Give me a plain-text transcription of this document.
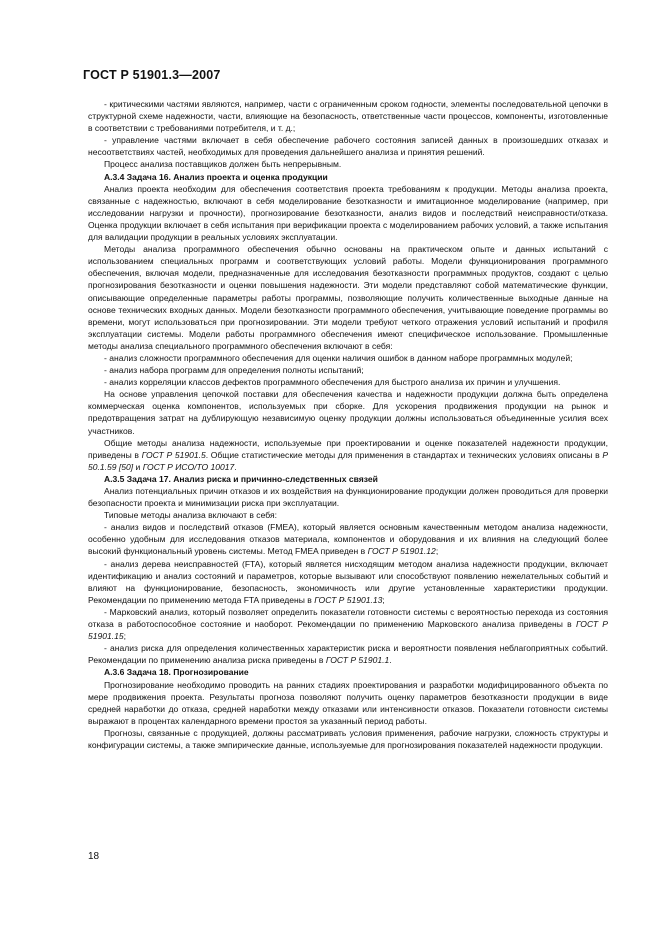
ГОСТ Р 51901.3—2007

- критическими частями являются, например, части с ограниченным сроком годности, элементы последовательной цепочки в структурной схеме надежности, части, влияющие на безопасность, ответственные части процессов, компоненты, изготовленные в соответствии с требованиями потребителя, и т. д.;

- управление частями включает в себя обеспечение рабочего состояния записей данных в произошедших отказах и несоответствиях частей, необходимых для проведения дальнейшего анализа и принятия решений.

Процесс анализа поставщиков должен быть непрерывным.

А.3.4 Задача 16. Анализ проекта и оценка продукции

Анализ проекта необходим для обеспечения соответствия проекта требованиям к продукции. Методы анализа проекта, связанные с надежностью, включают в себя моделирование безотказности и имитационное моделирование (например, при исследовании нагрузки и прочности), прогнозирование безотказности, анализ видов и последствий неисправности/отказа. Оценка продукции включает в себя испытания при верификации проекта с моделированием рабочих условий, а также испытания для валидации продукции в реальных условиях эксплуатации.

Методы анализа программного обеспечения обычно основаны на практическом опыте и данных испытаний с использованием специальных программ и соответствующих условий работы. Модели функционирования программного обеспечения, включая модели, предназначенные для исследования безотказности программных продуктов, создают с целью прогнозирования безотказности и оценки повышения надежности. Эти модели представляют собой математические функции, описывающие определенные параметры работы программы, позволяющие получить количественные выходные данные на основе технических входных данных. Модели безотказности программного обеспечения, учитывающие поведение программы во времени, могут использоваться при прогнозировании. Эти модели требуют четкого отражения условий испытаний и профиля эксплуатации системы. Модели работы программного обеспечения имеют специфическое использование. Промышленные методы анализа специального программного обеспечения включают в себя:

- анализ сложности программного обеспечения для оценки наличия ошибок в данном наборе программных модулей;

- анализ набора программ для определения полноты испытаний;

- анализ корреляции классов дефектов программного обеспечения для быстрого анализа их причин и улучшения.

На основе управления цепочкой поставки для обеспечения качества и надежности продукции должна быть определена коммерческая оценка компонентов, используемых при сборке. Для ускорения продвижения продукции на рынок и предотвращения затрат на дублирующую независимую оценку продукции должны использоваться объединенные усилия всех участников.

Общие методы анализа надежности, используемые при проектировании и оценке показателей надежности продукции, приведены в ГОСТ Р 51901.5. Общие статистические методы для применения в стандартах и технических условиях описаны в Р 50.1.59 [50] и ГОСТ Р ИСО/ТО 10017.

А.3.5 Задача 17. Анализ риска и причинно-следственных связей

Анализ потенциальных причин отказов и их воздействия на функционирование продукции должен проводиться для проверки безопасности проекта и минимизации риска при эксплуатации.

Типовые методы анализа включают в себя:

- анализ видов и последствий отказов (FMEA), который является основным качественным методом анализа надежности, особенно удобным для исследования отказов материала, компонентов и оборудования и их влияния на следующий более высокий функциональный уровень системы. Метод FMEA приведен в ГОСТ Р 51901.12;

- анализ дерева неисправностей (FTA), который является нисходящим методом анализа надежности продукции, включает идентификацию и анализ состояний и параметров, которые вызывают или способствуют появлению нежелательных событий и влияют на функционирование, безопасность, экономичность или другие установленные характеристики продукции. Рекомендации по применению метода FTA приведены в ГОСТ Р 51901.13;

- Марковский анализ, который позволяет определить показатели готовности системы с вероятностью перехода из состояния отказа в работоспособное состояние и наоборот. Рекомендации по применению Марковского анализа приведены в ГОСТ Р 51901.15;

- анализ риска для определения количественных характеристик риска и вероятности появления неблагоприятных событий. Рекомендации по применению анализа риска приведены в ГОСТ Р 51901.1.

А.3.6 Задача 18. Прогнозирование

Прогнозирование необходимо проводить на ранних стадиях проектирования и разработки модифицированного объекта по мере продвижения проекта. Результаты прогноза позволяют получить оценку параметров безотказности продукции в виде средней наработки до отказа, средней наработки между отказами или интенсивности отказов. Показатели готовности системы выражают в процентах календарного времени простоя за указанный период работы.

Прогнозы, связанные с продукцией, должны рассматривать условия применения, рабочие нагрузки, сложность структуры и конфигурации системы, а также эмпирические данные, используемые для прогнозирования показателей надежности продукции.

18
